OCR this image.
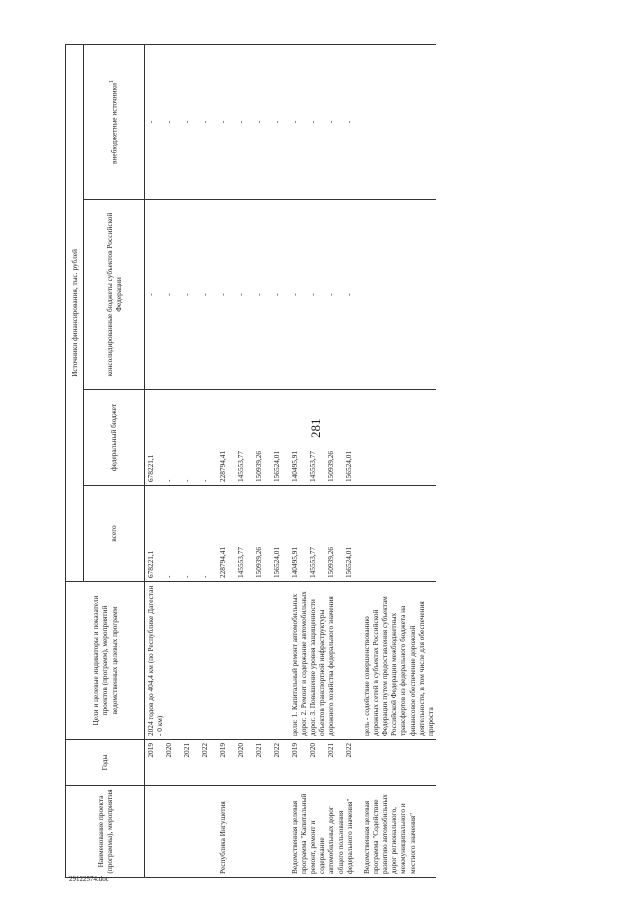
281
29122574.doc
Наименование проекта (программы), мероприятия	Годы	Цели и целевые индикаторы и показатели проектов (программ), мероприятий ведомственных целевых программ	Источники финансирования, тыс. рублей			
			всего	федеральный бюджет	консолидированные бюджеты субъектов Российской Федерации	внебюджетные источники$^1$
	2019	2024 годов до 404,4 км (по Республике Дагестан - 0 км)	678221,1	678221,1	-	-
	2020		-	-	-	-
	2021		-	-	-	-
	2022		-	-	-	-
Республика Ингушетия	2019		228794,41	228794,41	-	-
	2020		145553,77	145553,77	-	-
	2021		150939,26	150939,26	-	-
	2022		156524,01	156524,01	-	-
Ведомственная целевая программа "Капитальный ремонт, ремонт и содержание автомобильных дорог общего пользования федерального значения"	2019	цели: 1. Капитальный ремонт автомобильных дорог. 2. Ремонт и содержание автомобильных дорог. 3. Повышение уровня защищенности объектов транспортной инфраструктуры дорожного хозяйства федерального значения	140495,91	140495,91	-	-
	2020		145553,77	145553,77	-	-
	2021		150939,26	150939,26	-	-
	2022		156524,01	156524,01	-	-
Ведомственная целевая программа "Содействие развитию автомобильных дорог регионального, межмуниципального и местного значения"		цель - содействие совершенствованию дорожных сетей в субъектах Российской Федерации путем предоставления субъектам Российской Федерации межбюджетных трансфертов из федерального бюджета на финансовое обеспечение дорожной деятельности, в том числе для обеспечения прироста				
